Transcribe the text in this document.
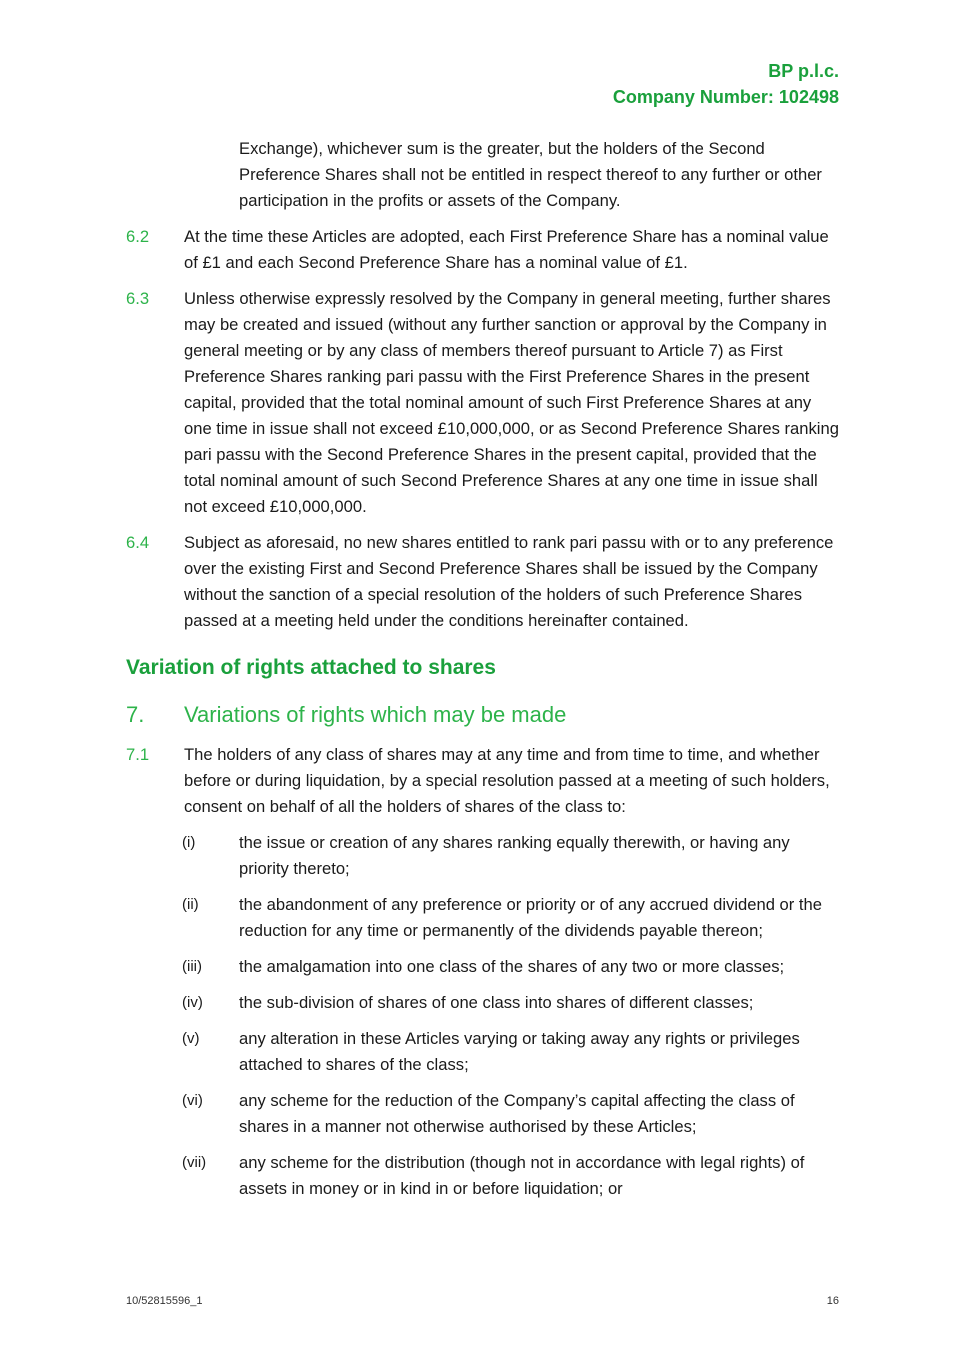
BP p.l.c.
Company Number: 102498
Exchange), whichever sum is the greater, but the holders of the Second Preference Shares shall not be entitled in respect thereof to any further or other participation in the profits or assets of the Company.
6.2 At the time these Articles are adopted, each First Preference Share has a nominal value of £1 and each Second Preference Share has a nominal value of £1.
6.3 Unless otherwise expressly resolved by the Company in general meeting, further shares may be created and issued (without any further sanction or approval by the Company in general meeting or by any class of members thereof pursuant to Article 7) as First Preference Shares ranking pari passu with the First Preference Shares in the present capital, provided that the total nominal amount of such First Preference Shares at any one time in issue shall not exceed £10,000,000, or as Second Preference Shares ranking pari passu with the Second Preference Shares in the present capital, provided that the total nominal amount of such Second Preference Shares at any one time in issue shall not exceed £10,000,000.
6.4 Subject as aforesaid, no new shares entitled to rank pari passu with or to any preference over the existing First and Second Preference Shares shall be issued by the Company without the sanction of a special resolution of the holders of such Preference Shares passed at a meeting held under the conditions hereinafter contained.
Variation of rights attached to shares
7. Variations of rights which may be made
7.1 The holders of any class of shares may at any time and from time to time, and whether before or during liquidation, by a special resolution passed at a meeting of such holders, consent on behalf of all the holders of shares of the class to:
(i)	the issue or creation of any shares ranking equally therewith, or having any priority thereto;
(ii) the abandonment of any preference or priority or of any accrued dividend or the reduction for any time or permanently of the dividends payable thereon;
(iii) the amalgamation into one class of the shares of any two or more classes;
(iv) the sub-division of shares of one class into shares of different classes;
(v) any alteration in these Articles varying or taking away any rights or privileges attached to shares of the class;
(vi) any scheme for the reduction of the Company’s capital affecting the class of shares in a manner not otherwise authorised by these Articles;
(vii) any scheme for the distribution (though not in accordance with legal rights) of assets in money or in kind in or before liquidation; or
10/52815596_1	16
